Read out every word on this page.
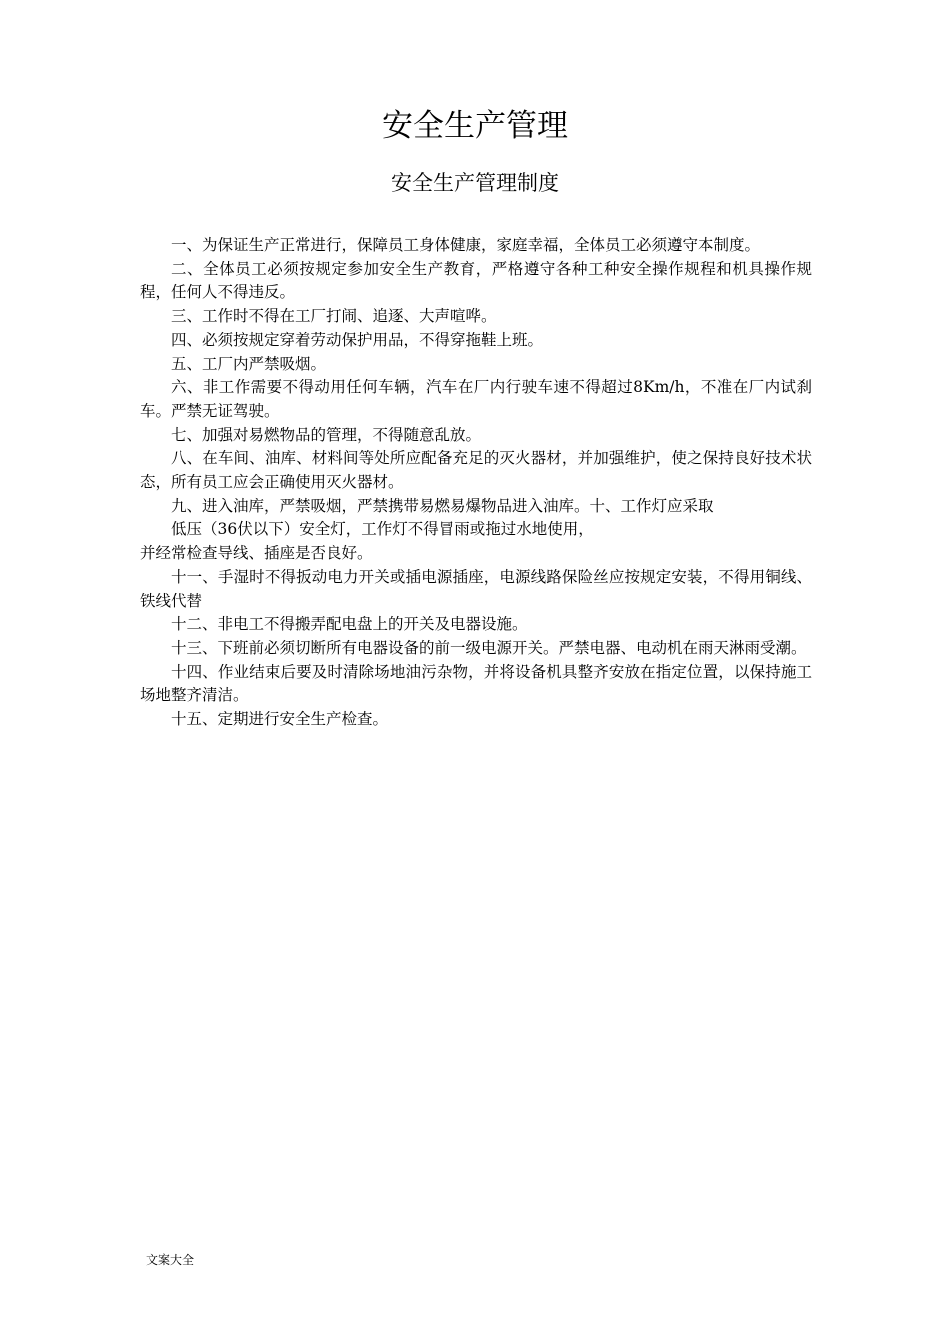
安全生产管理
安全生产管理制度

一、为保证生产正常进行，保障员工身体健康，家庭幸福，全体员工必须遵守本制度。

二、全体员工必须按规定参加安全生产教育，严格遵守各种工种安全操作规程和机具操作规程，任何人不得违反。

三、工作时不得在工厂打闹、追逐、大声喧哗。

四、必须按规定穿着劳动保护用品，不得穿拖鞋上班。

五、工厂内严禁吸烟。

六、非工作需要不得动用任何车辆，汽车在厂内行驶车速不得超过8Km/h，不准在厂内试刹车。严禁无证驾驶。

七、加强对易燃物品的管理，不得随意乱放。

八、在车间、油库、材料间等处所应配备充足的灭火器材，并加强维护，使之保持良好技术状态，所有员工应会正确使用灭火器材。

九、进入油库，严禁吸烟，严禁携带易燃易爆物品进入油库。十、工作灯应采取

低压（36伏以下）安全灯，工作灯不得冒雨或拖过水地使用，

并经常检查导线、插座是否良好。

十一、手湿时不得扳动电力开关或插电源插座，电源线路保险丝应按规定安装，不得用铜线、铁线代替

十二、非电工不得搬弄配电盘上的开关及电器设施。

十三、下班前必须切断所有电器设备的前一级电源开关。严禁电器、电动机在雨天淋雨受潮。

十四、作业结束后要及时清除场地油污杂物，并将设备机具整齐安放在指定位置，以保持施工场地整齐清洁。

十五、定期进行安全生产检查。

文案大全
